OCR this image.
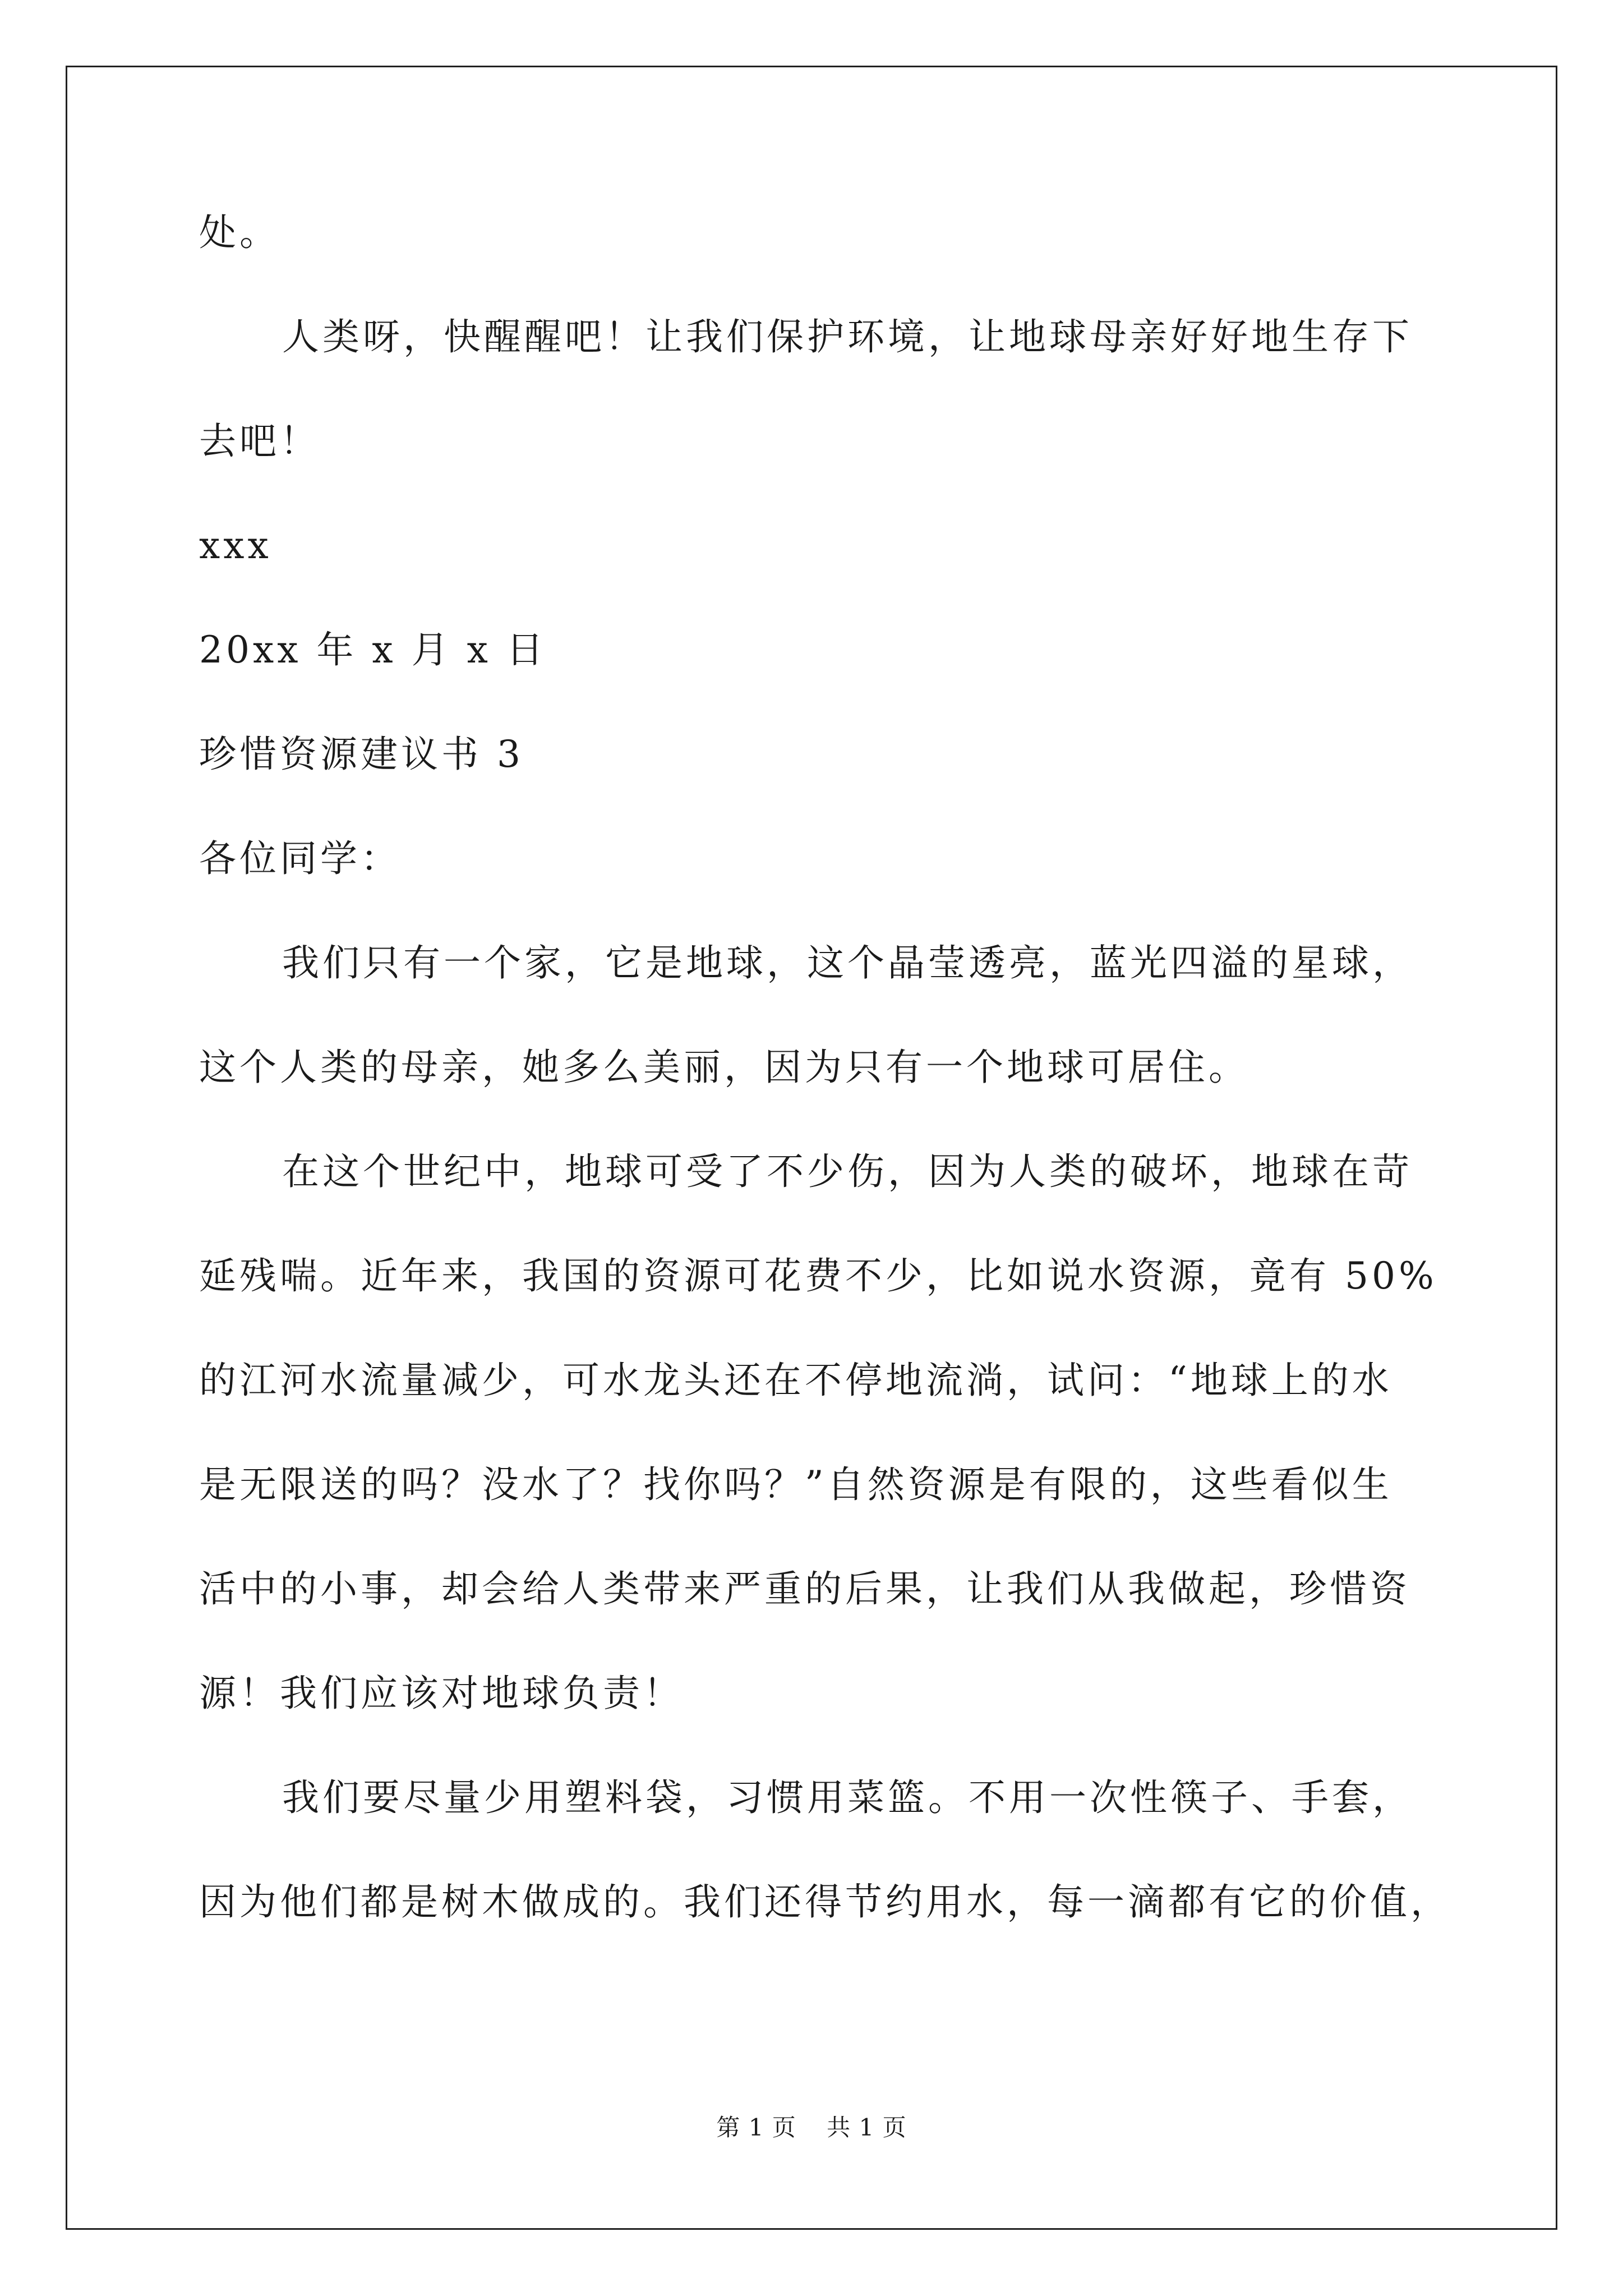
处。
人类呀，快醒醒吧！让我们保护环境，让地球母亲好好地生存下
去吧！
xxx
20xx 年 x 月 x 日
珍惜资源建议书 3
各位同学：
我们只有一个家，它是地球，这个晶莹透亮，蓝光四溢的星球，
这个人类的母亲，她多么美丽，因为只有一个地球可居住。
在这个世纪中，地球可受了不少伤，因为人类的破坏，地球在苛
延残喘。近年来，我国的资源可花费不少，比如说水资源，竟有 50%
的江河水流量减少，可水龙头还在不停地流淌，试问：“地球上的水
是无限送的吗？没水了？找你吗？”自然资源是有限的，这些看似生
活中的小事，却会给人类带来严重的后果，让我们从我做起，珍惜资
源！我们应该对地球负责！
我们要尽量少用塑料袋，习惯用菜篮。不用一次性筷子、手套，
因为他们都是树木做成的。我们还得节约用水，每一滴都有它的价值，
第 1 页 共 1 页
